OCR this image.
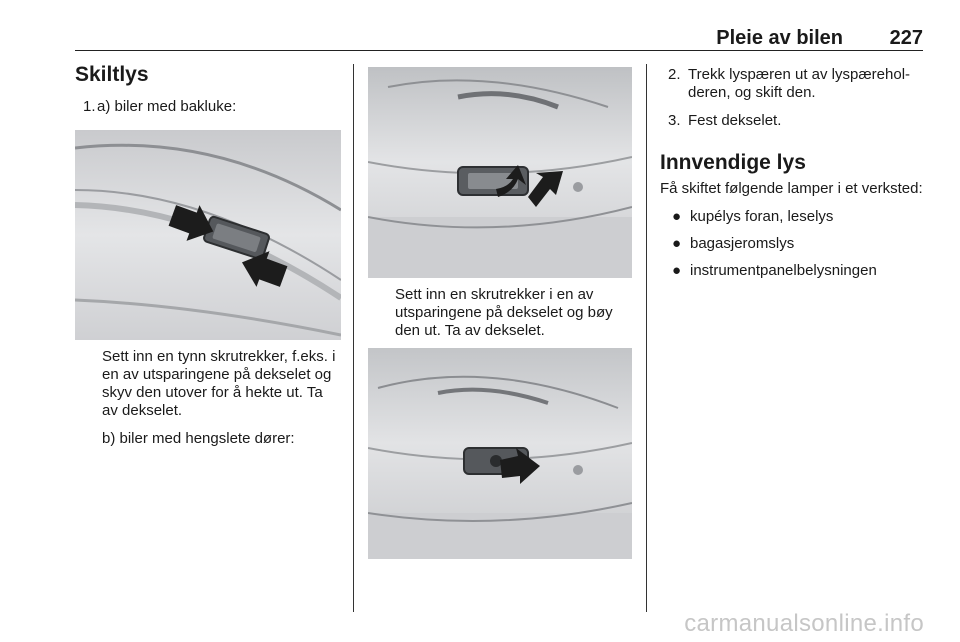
Pleie av bilen 227
Skiltlys
1. a) biler med bakluke:

Sett inn en tynn skrutrekker, f.eks. i en av utsparingene på dekselet og skyv den utover for å hekte ut. Ta av dekselet.

b) biler med hengslete dører:

Sett inn en skrutrekker i en av utsparingene på dekselet og bøy den ut. Ta av dekselet.

2. Trekk lyspæren ut av lyspæreholderen, og skift den.
3. Fest dekselet.
Innvendige lys

Få skiftet følgende lamper i et verksted:

● kupélys foran, leselys
● bagasjeromslys
● instrumentpanelbelysningen
carmanualsonline.info
